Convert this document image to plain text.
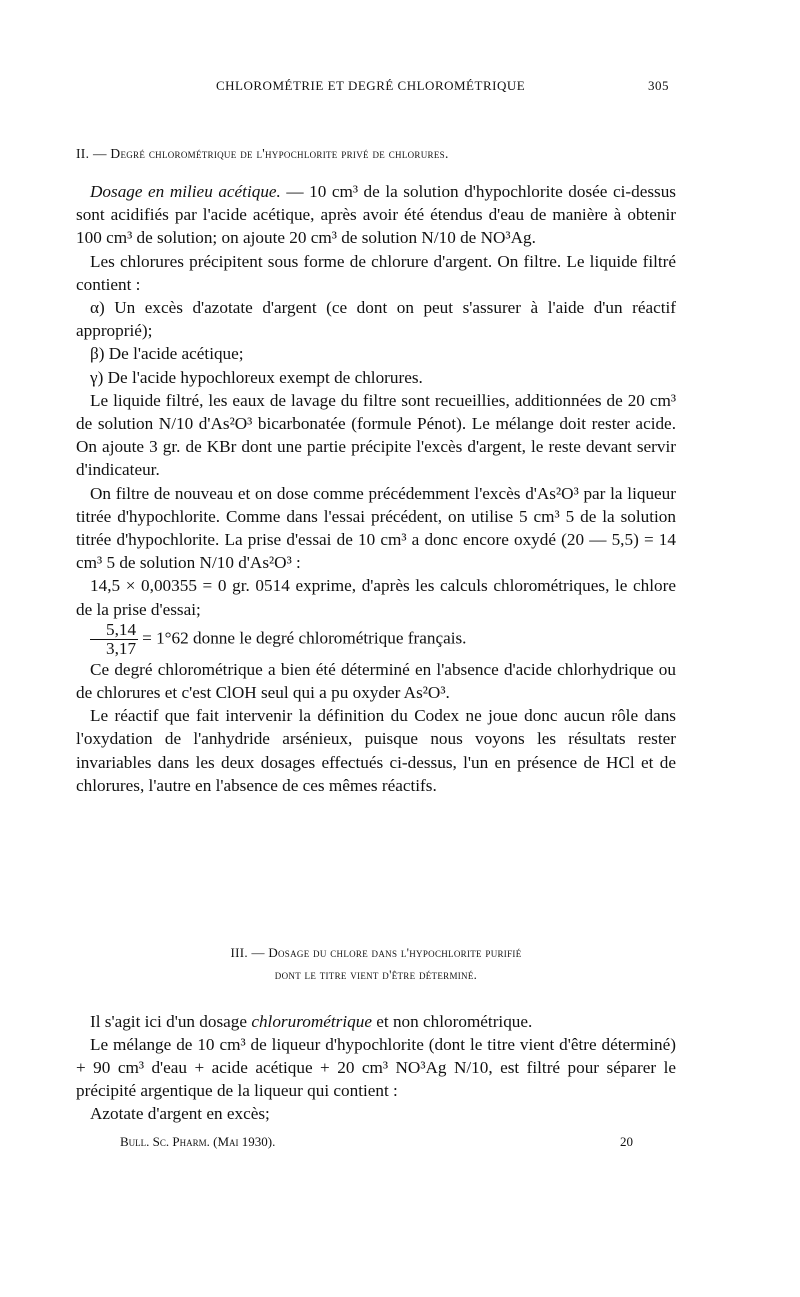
CHLOROMÉTRIE ET DEGRÉ CHLOROMÉTRIQUE	305
II. — Degré chlorométrique de l'hypochlorite privé de chlorures.

Dosage en milieu acétique. — 10 cm³ de la solution d'hypochlorite dosée ci-dessus sont acidifiés par l'acide acétique, après avoir été étendus d'eau de manière à obtenir 100 cm³ de solution; on ajoute 20 cm³ de solution N/10 de NO³Ag.

Les chlorures précipitent sous forme de chlorure d'argent. On filtre. Le liquide filtré contient :

α) Un excès d'azotate d'argent (ce dont on peut s'assurer à l'aide d'un réactif approprié);

β) De l'acide acétique;

γ) De l'acide hypochloreux exempt de chlorures.

Le liquide filtré, les eaux de lavage du filtre sont recueillies, additionnées de 20 cm³ de solution N/10 d'As²O³ bicarbonatée (formule Pénot). Le mélange doit rester acide. On ajoute 3 gr. de KBr dont une partie précipite l'excès d'argent, le reste devant servir d'indicateur.

On filtre de nouveau et on dose comme précédemment l'excès d'As²O³ par la liqueur titrée d'hypochlorite. Comme dans l'essai précédent, on utilise 5 cm³ 5 de la solution titrée d'hypochlorite. La prise d'essai de 10 cm³ a donc encore oxydé (20 — 5,5) = 14 cm³ 5 de solution N/10 d'As²O³ :

14,5 × 0,00355 = 0 gr. 0514 exprime, d'après les calculs chlorométriques, le chlore de la prise d'essai;

$\frac{5,14}{3,17} = 1^\circ 62$ donne le degré chlorométrique français.

Ce degré chlorométrique a bien été déterminé en l'absence d'acide chlorhydrique ou de chlorures et c'est ClOH seul qui a pu oxyder As²O³.

Le réactif que fait intervenir la définition du Codex ne joue donc aucun rôle dans l'oxydation de l'anhydride arsénieux, puisque nous voyons les résultats rester invariables dans les deux dosages effectués ci-dessus, l'un en présence de HCl et de chlorures, l'autre en l'absence de ces mêmes réactifs.

III. — Dosage du chlore dans l'hypochlorite purifié
dont le titre vient d'être déterminé.

Il s'agit ici d'un dosage chlorurométrique et non chlorométrique.

Le mélange de 10 cm³ de liqueur d'hypochlorite (dont le titre vient d'être déterminé) + 90 cm³ d'eau + acide acétique + 20 cm³ NO³Ag N/10, est filtré pour séparer le précipité argentique de la liqueur qui contient :

Azotate d'argent en excès;

Bull. Sc. Pharm. (Mai 1930).	20
